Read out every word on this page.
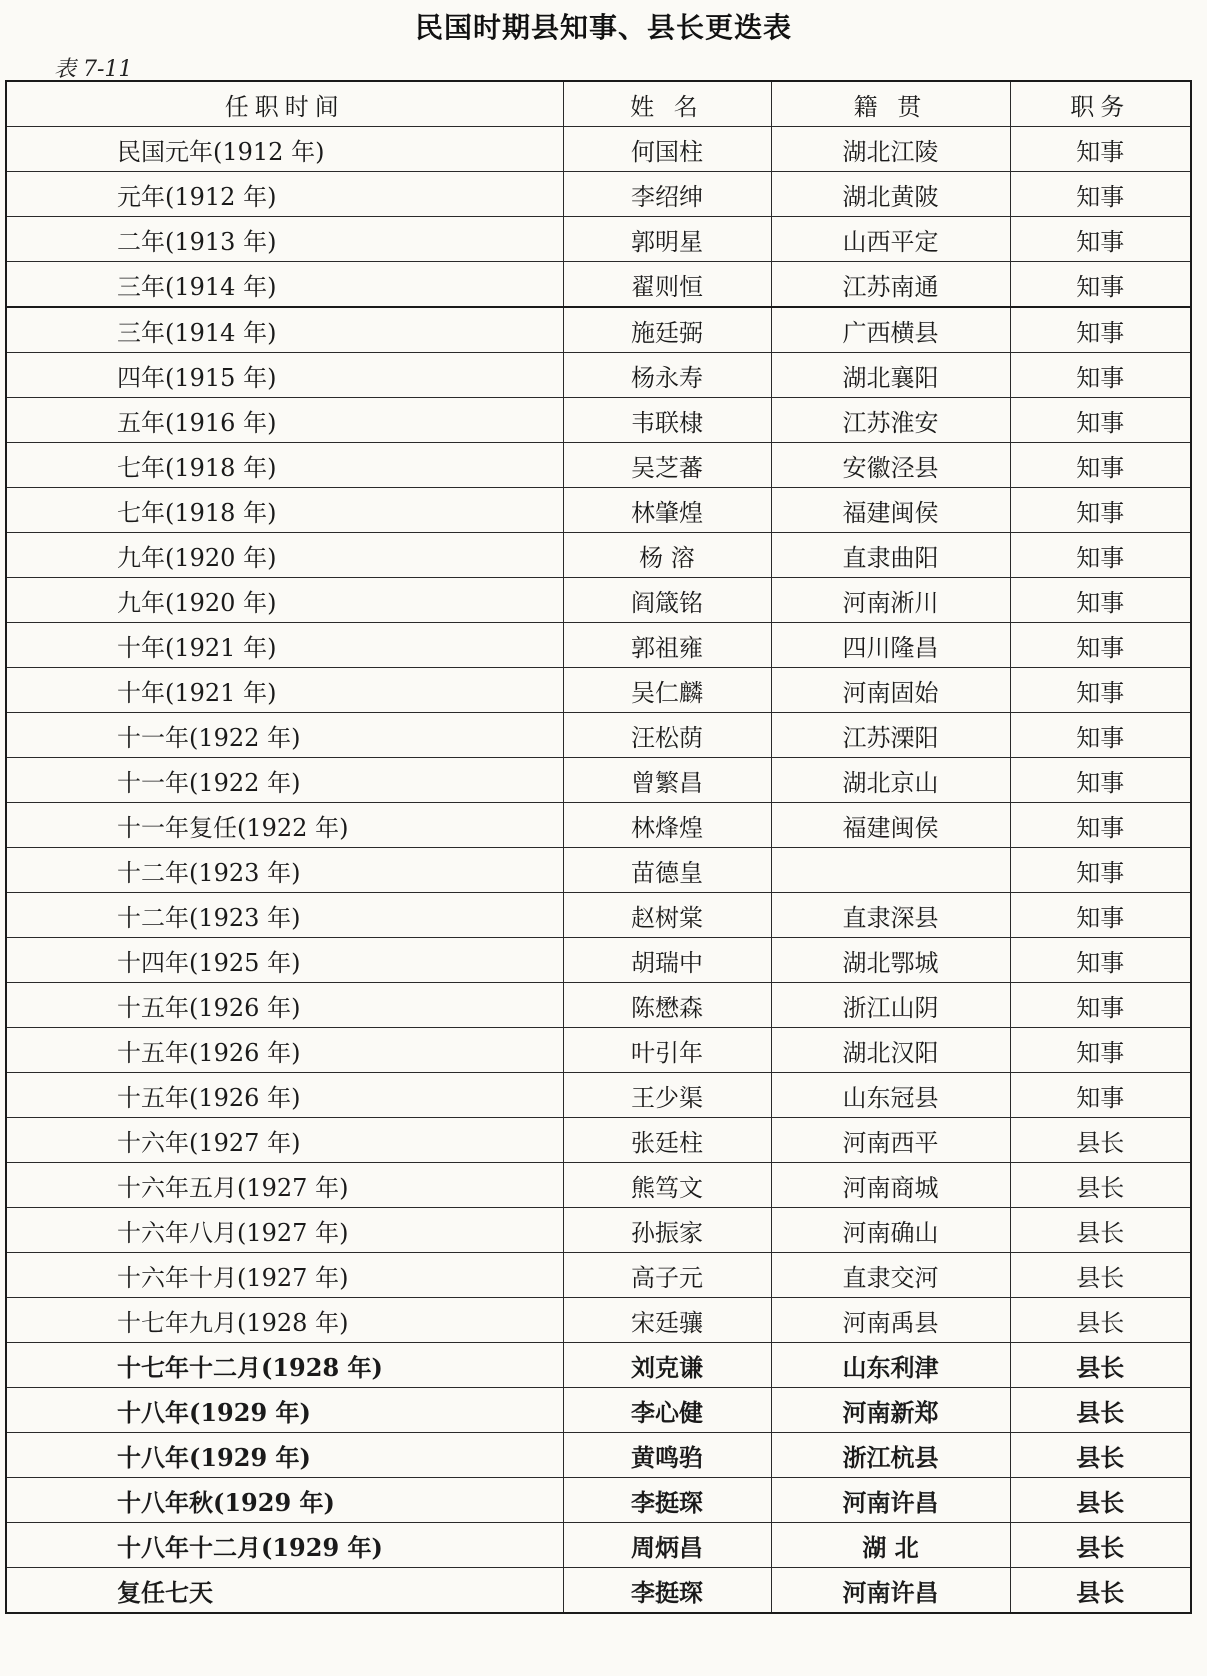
民国时期县知事、县长更迭表
表 7-11
任职时间	姓 名	籍 贯	职务
民国元年(1912 年)	何国柱	湖北江陵	知事
元年(1912 年)	李绍绅	湖北黄陂	知事
二年(1913 年)	郭明星	山西平定	知事
三年(1914 年)	翟则恒	江苏南通	知事
三年(1914 年)	施廷弼	广西横县	知事
四年(1915 年)	杨永寿	湖北襄阳	知事
五年(1916 年)	韦联棣	江苏淮安	知事
七年(1918 年)	吴芝蕃	安徽泾县	知事
七年(1918 年)	林肇煌	福建闽侯	知事
九年(1920 年)	杨 溶	直隶曲阳	知事
九年(1920 年)	阎箴铭	河南淅川	知事
十年(1921 年)	郭祖雍	四川隆昌	知事
十年(1921 年)	吴仁麟	河南固始	知事
十一年(1922 年)	汪松荫	江苏溧阳	知事
十一年(1922 年)	曾繁昌	湖北京山	知事
十一年复任(1922 年)	林烽煌	福建闽侯	知事
十二年(1923 年)	苗德皇		知事
十二年(1923 年)	赵树棠	直隶深县	知事
十四年(1925 年)	胡瑞中	湖北鄂城	知事
十五年(1926 年)	陈懋森	浙江山阴	知事
十五年(1926 年)	叶引年	湖北汉阳	知事
十五年(1926 年)	王少渠	山东冠县	知事
十六年(1927 年)	张廷柱	河南西平	县长
十六年五月(1927 年)	熊笃文	河南商城	县长
十六年八月(1927 年)	孙振家	河南确山	县长
十六年十月(1927 年)	高子元	直隶交河	县长
十七年九月(1928 年)	宋廷骧	河南禹县	县长
十七年十二月(1928 年)	刘克谦	山东利津	县长
十八年(1929 年)	李心健	河南新郑	县长
十八年(1929 年)	黄鸣驺	浙江杭县	县长
十八年秋(1929 年)	李挺琛	河南许昌	县长
十八年十二月(1929 年)	周炳昌	湖 北	县长
复任七天	李挺琛	河南许昌	县长
